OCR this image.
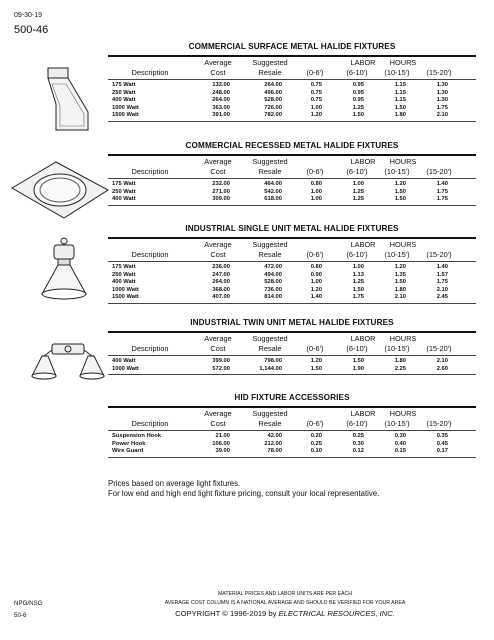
09-30-19
500-46
COMMERCIAL SURFACE METAL HALIDE FIXTURES
Average	Suggested	LABOR	HOURS
Description	Cost	Resale	(0-6')	(6-10')	(10-15')	(15-20')
175 Watt	132.00	264.00	0.75	0.95	1.15	1.30
250 Watt	248.00	496.00	0.75	0.95	1.15	1.30
400 Watt	264.00	528.00	0.75	0.95	1.15	1.30
1000 Watt	363.00	726.00	1.00	1.25	1.50	1.75
1500 Watt	391.00	782.00	1.20	1.50	1.80	2.10
COMMERCIAL RECESSED METAL HALIDE FIXTURES
Average	Suggested	LABOR	HOURS
Description	Cost	Resale	(0-6')	(6-10')	(10-15')	(15-20')
175 Watt	232.00	464.00	0.80	1.00	1.20	1.40
250 Watt	271.00	542.00	1.00	1.25	1.50	1.75
400 Watt	309.00	618.00	1.00	1.25	1.50	1.75
INDUSTRIAL SINGLE UNIT METAL HALIDE FIXTURES
Average	Suggested	LABOR	HOURS
Description	Cost	Resale	(0-6')	(6-10')	(10-15')	(15-20')
175 Watt	236.00	472.00	0.80	1.00	1.20	1.40
250 Watt	247.00	494.00	0.90	1.13	1.35	1.57
400 Watt	264.00	528.00	1.00	1.25	1.50	1.75
1000 Watt	368.00	736.00	1.20	1.50	1.80	2.10
1500 Watt	407.00	814.00	1.40	1.75	2.10	2.45
INDUSTRIAL TWIN UNIT METAL HALIDE FIXTURES
Average	Suggested	LABOR	HOURS
Description	Cost	Resale	(0-6')	(6-10')	(10-15')	(15-20')
400 Watt	399.00	798.00	1.20	1.50	1.80	2.10
1000 Watt	572.00	1,144.00	1.50	1.90	2.25	2.60
HID FIXTURE ACCESSORIES
Average	Suggested	LABOR	HOURS
Description	Cost	Resale	(0-6')	(6-10')	(10-15')	(15-20')
Suspension Hook	21.00	42.00	0.20	0.25	0.30	0.35
Power Hook	106.00	212.00	0.25	0.30	0.40	0.45
Wire Guard	39.00	78.00	0.10	0.12	0.15	0.17
Prices based on average light fixtures.
For low end and high end light fixture pricing, consult your local representative.
NPG/NSG
50-6
MATERIAL PRICES AND LABOR UNITS ARE PER EACH
AVERAGE COST COLUMN IS A NATIONAL AVERAGE AND SHOULD BE VERIFIED FOR YOUR AREA
COPYRIGHT © 1996-2019 by ELECTRICAL RESOURCES, INC.
